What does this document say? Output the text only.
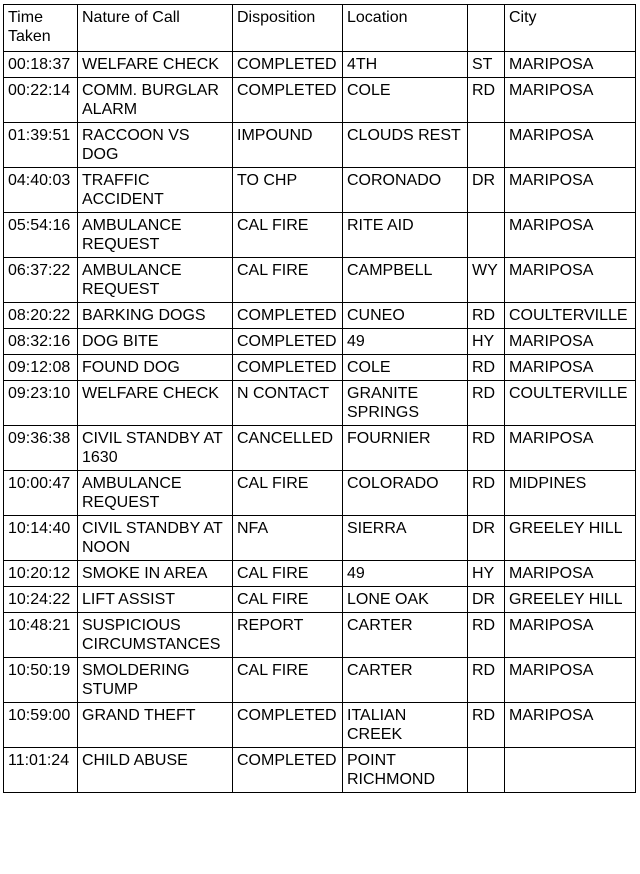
Time Taken	Nature of Call	Disposition	Location		City
00:18:37	WELFARE CHECK	COMPLETED	4TH	ST	MARIPOSA
00:22:14	COMM. BURGLAR ALARM	COMPLETED	COLE	RD	MARIPOSA
01:39:51	RACCOON VS DOG	IMPOUND	CLOUDS REST		MARIPOSA
04:40:03	TRAFFIC ACCIDENT	TO CHP	CORONADO	DR	MARIPOSA
05:54:16	AMBULANCE REQUEST	CAL FIRE	RITE AID		MARIPOSA
06:37:22	AMBULANCE REQUEST	CAL FIRE	CAMPBELL	WY	MARIPOSA
08:20:22	BARKING DOGS	COMPLETED	CUNEO	RD	COULTERVILLE
08:32:16	DOG BITE	COMPLETED	49	HY	MARIPOSA
09:12:08	FOUND DOG	COMPLETED	COLE	RD	MARIPOSA
09:23:10	WELFARE CHECK	N CONTACT	GRANITE SPRINGS	RD	COULTERVILLE
09:36:38	CIVIL STANDBY AT 1630	CANCELLED	FOURNIER	RD	MARIPOSA
10:00:47	AMBULANCE REQUEST	CAL FIRE	COLORADO	RD	MIDPINES
10:14:40	CIVIL STANDBY AT NOON	NFA	SIERRA	DR	GREELEY HILL
10:20:12	SMOKE IN AREA	CAL FIRE	49	HY	MARIPOSA
10:24:22	LIFT ASSIST	CAL FIRE	LONE OAK	DR	GREELEY HILL
10:48:21	SUSPICIOUS CIRCUMSTANCES	REPORT	CARTER	RD	MARIPOSA
10:50:19	SMOLDERING STUMP	CAL FIRE	CARTER	RD	MARIPOSA
10:59:00	GRAND THEFT	COMPLETED	ITALIAN CREEK	RD	MARIPOSA
11:01:24	CHILD ABUSE	COMPLETED	POINT RICHMOND		
